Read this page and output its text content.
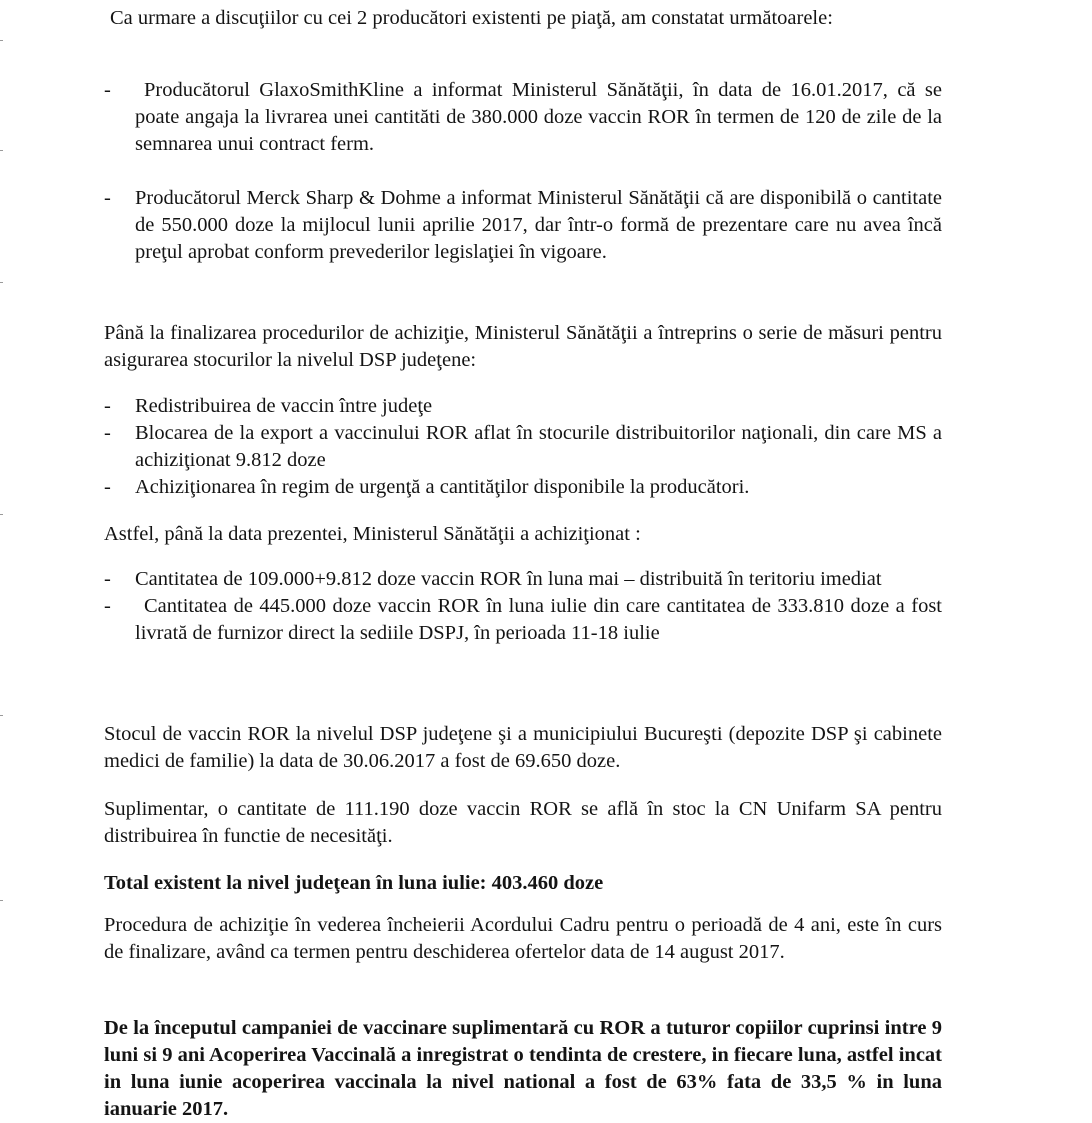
Ca urmare a discuţiilor cu cei 2 producători existenti pe piaţă, am constatat următoarele:

-	Producătorul GlaxoSmithKline a informat Ministerul Sănătăţii, în data de 16.01.2017, că se poate angaja la livrarea unei cantităti de 380.000 doze vaccin ROR în termen de 120 de zile de la semnarea unui contract ferm.
- Producătorul Merck Sharp & Dohme a informat Ministerul Sănătăţii că are disponibilă o cantitate de 550.000 doze la mijlocul lunii aprilie 2017, dar într-o formă de prezentare care nu avea încă preţul aprobat conform prevederilor legislaţiei în vigoare.

Până la finalizarea procedurilor de achiziţie, Ministerul Sănătăţii a întreprins o serie de măsuri pentru asigurarea stocurilor la nivelul DSP judeţene:

- Redistribuirea de vaccin între judeţe
- Blocarea de la export a vaccinului ROR aflat în stocurile distribuitorilor naţionali, din care MS a achiziţionat 9.812 doze
- Achiziţionarea în regim de urgenţă a cantităţilor disponibile la producători.

Astfel, până la data prezentei, Ministerul Sănătăţii a achiziţionat :

- Cantitatea de 109.000+9.812 doze vaccin ROR în luna mai – distribuită în teritoriu imediat
-	Cantitatea de 445.000 doze vaccin ROR în luna iulie din care cantitatea de 333.810 doze a fost livrată de furnizor direct la sediile DSPJ, în perioada 11-18 iulie

Stocul de vaccin ROR la nivelul DSP judeţene şi a municipiului Bucureşti (depozite DSP şi cabinete medici de familie) la data de 30.06.2017 a fost de 69.650 doze.

Suplimentar, o cantitate de 111.190 doze vaccin ROR se află în stoc la CN Unifarm SA pentru distribuirea în functie de necesităţi.

Total existent la nivel judeţean în luna iulie: 403.460 doze

Procedura de achiziţie în vederea încheierii Acordului Cadru pentru o perioadă de 4 ani, este în curs de finalizare, având ca termen pentru deschiderea ofertelor data de 14 august 2017.

De la începutul campaniei de vaccinare suplimentară cu ROR a tuturor copiilor cuprinsi intre 9 luni si 9 ani Acoperirea Vaccinală a inregistrat o tendinta de crestere, in fiecare luna, astfel incat in luna iunie acoperirea vaccinala la nivel national a fost de 63% fata de 33,5 % in luna ianuarie 2017.
